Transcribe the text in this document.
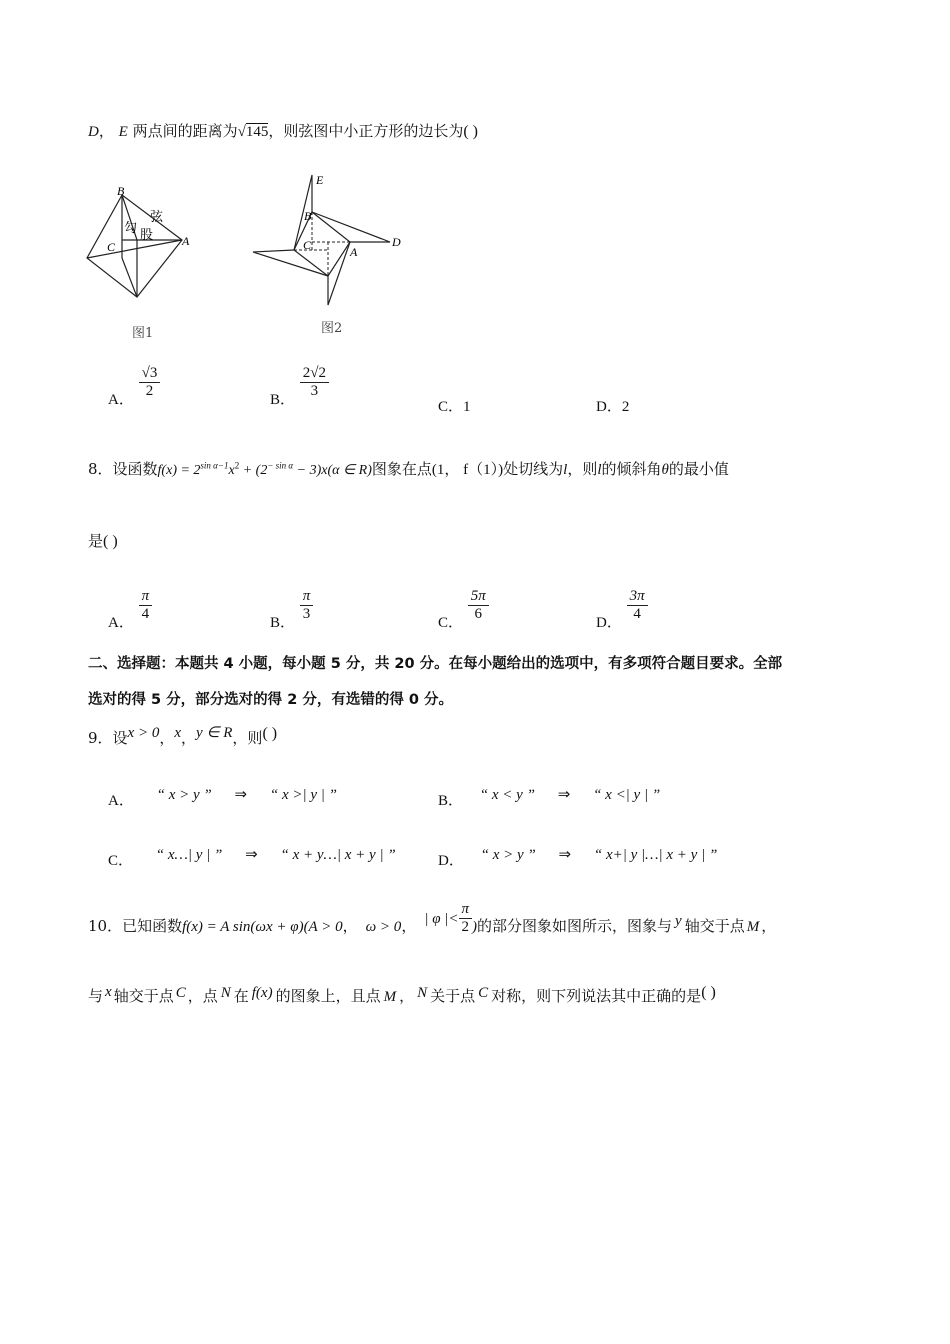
D， E 两点间的距离为√145，则弦图中小正方形的边长为( )
B
C	A
勾 股
弦
图1
E
B
C	A
D
图2
A． $\frac{√3}{2}$	B． $\frac{2√2}{3}$
C．1	D．2
8．设函数$f(x) = 2^{sin \alpha-1}x^2 + (2^{- sin \alpha} - 3)x(\alpha$ ∈ R)图象在点(1， f（1）)处切线为l，则l的倾斜角θ的最小值
是( )
A． $\frac{\pi}{4}$	B． $\frac{\pi}{3}$	C． $\frac{5\pi}{6}$	D． $\frac{3\pi}{4}$
二、选择题：本题共 4 小题，每小题 5 分，共 20 分。在每小题给出的选项中，有多项符合题目要求。全部
选对的得 5 分，部分选对的得 2 分，有选错的得 0 分。
9．设x > 0，x，y ∈ R，则( )
A． “ x > y ” ⇒ “ x >| y | ”	B． “ x < y ” ⇒ “ x <| y | ”
C． “ x…| y | ” ⇒ “ x + y…| x + y | ”	D． “ x > y ” ⇒ “ x+| y |…| x + y | ”
10．已知函数f(x) = A sin(ωx + φ)(A > 0， ω > 0， | φ |< $\frac{\pi}{2}$ )的部分图象如图所示，图象与 y 轴交于点 M ，
与 x 轴交于点 C ，点 N 在 f(x) 的图象上，且点 M ， N 关于点 C 对称，则下列说法其中正确的是( )
